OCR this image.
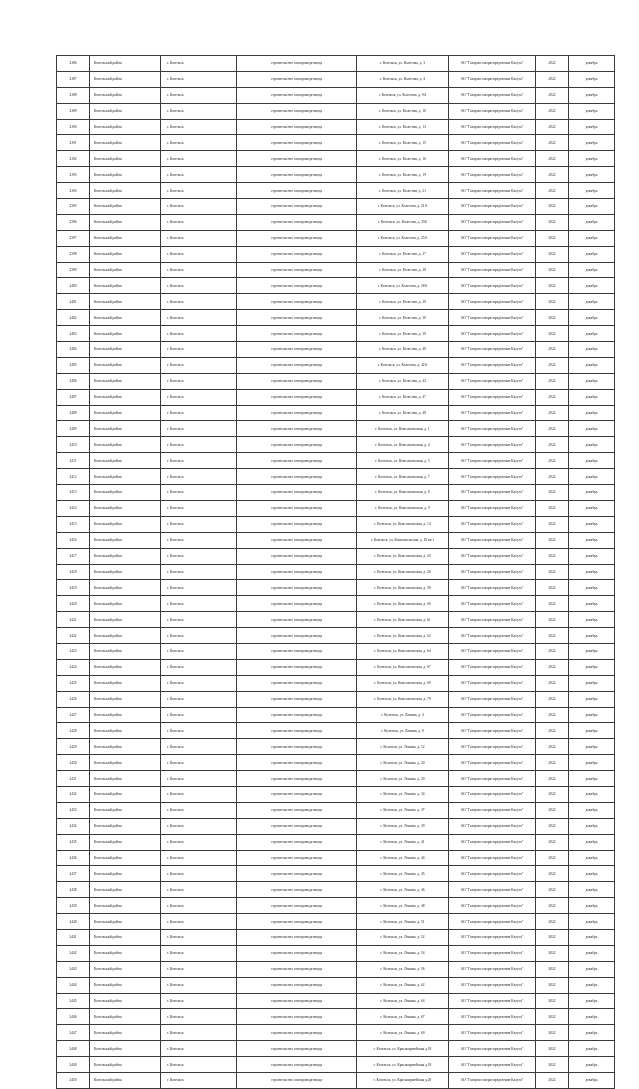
2386	Козельский район	г. Козельск	строительство газопровода-ввода	г. Козельск, ул. Колесова, д. 3	АО "Газпром газораспределение Калуга"	2022	декабрь
2387	Козельский район	г. Козельск	строительство газопровода-ввода	г. Козельск, ул. Колесова, д. 4	АО "Газпром газораспределение Калуга"	2022	декабрь
2388	Козельский район	г. Козельск	строительство газопровода-ввода	г. Козельск, ул. Колесова, д. 9А	АО "Газпром газораспределение Калуга"	2022	декабрь
2389	Козельский район	г. Козельск	строительство газопровода-ввода	г. Козельск, ул. Колесова, д. 10	АО "Газпром газораспределение Калуга"	2022	декабрь
2390	Козельский район	г. Козельск	строительство газопровода-ввода	г. Козельск, ул. Колесова, д. 13	АО "Газпром газораспределение Калуга"	2022	декабрь
2391	Козельский район	г. Козельск	строительство газопровода-ввода	г. Козельск, ул. Колесова, д. 15	АО "Газпром газораспределение Калуга"	2022	декабрь
2392	Козельский район	г. Козельск	строительство газопровода-ввода	г. Козельск, ул. Колесова, д. 16	АО "Газпром газораспределение Калуга"	2022	декабрь
2393	Козельский район	г. Козельск	строительство газопровода-ввода	г. Козельск, ул. Колесова, д. 19	АО "Газпром газораспределение Калуга"	2022	декабрь
2394	Козельский район	г. Козельск	строительство газопровода-ввода	г. Козельск, ул. Колесова, д. 21	АО "Газпром газораспределение Калуга"	2022	декабрь
2395	Козельский район	г. Козельск	строительство газопровода-ввода	г. Козельск, ул. Колесова, д. 21А	АО "Газпром газораспределение Калуга"	2022	декабрь
2396	Козельский район	г. Козельск	строительство газопровода-ввода	г. Козельск, ул. Колесова, д. 25Б	АО "Газпром газораспределение Калуга"	2022	декабрь
2397	Козельский район	г. Козельск	строительство газопровода-ввода	г. Козельск, ул. Колесова, д. 25А	АО "Газпром газораспределение Калуга"	2022	декабрь
2398	Козельский район	г. Козельск	строительство газопровода-ввода	г. Козельск, ул. Колесова, д. 27	АО "Газпром газораспределение Калуга"	2022	декабрь
2399	Козельский район	г. Козельск	строительство газопровода-ввода	г. Козельск, ул. Колесова, д. 28	АО "Газпром газораспределение Калуга"	2022	декабрь
2400	Козельский район	г. Козельск	строительство газопровода-ввода	г. Козельск, ул. Колесова, д. 28А	АО "Газпром газораспределение Калуга"	2022	декабрь
2401	Козельский район	г. Козельск	строительство газопровода-ввода	г. Козельск, ул. Колесова, д. 29	АО "Газпром газораспределение Калуга"	2022	декабрь
2402	Козельский район	г. Козельск	строительство газопровода-ввода	г. Козельск, ул. Колесова, д. 30	АО "Газпром газораспределение Калуга"	2022	декабрь
2403	Козельский район	г. Козельск	строительство газопровода-ввода	г. Козельск, ул. Колесова, д. 39	АО "Газпром газораспределение Калуга"	2022	декабрь
2404	Козельский район	г. Козельск	строительство газопровода-ввода	г. Козельск, ул. Колесова, д. 40	АО "Газпром газораспределение Калуга"	2022	декабрь
2405	Козельский район	г. Козельск	строительство газопровода-ввода	г. Козельск, ул. Колесова, д. 42А	АО "Газпром газораспределение Калуга"	2022	декабрь
2406	Козельский район	г. Козельск	строительство газопровода-ввода	г. Козельск, ул. Колесова, д. 42	АО "Газпром газораспределение Калуга"	2022	декабрь
2407	Козельский район	г. Козельск	строительство газопровода-ввода	г. Козельск, ул. Колесова, д. 47	АО "Газпром газораспределение Калуга"	2022	декабрь
2408	Козельский район	г. Козельск	строительство газопровода-ввода	г. Козельск, ул. Колесова, д. 48	АО "Газпром газораспределение Калуга"	2022	декабрь
2409	Козельский район	г. Козельск	строительство газопровода-ввода	г. Козельск, ул. Комсомольская, д. 1	АО "Газпром газораспределение Калуга"	2022	декабрь
2410	Козельский район	г. Козельск	строительство газопровода-ввода	г. Козельск, ул. Комсомольская, д. 4	АО "Газпром газораспределение Калуга"	2022	декабрь
2411	Козельский район	г. Козельск	строительство газопровода-ввода	г. Козельск, ул. Комсомольская, д. 5	АО "Газпром газораспределение Калуга"	2022	декабрь
2412	Козельский район	г. Козельск	строительство газопровода-ввода	г. Козельск, ул. Комсомольская, д. 7	АО "Газпром газораспределение Калуга"	2022	декабрь
2413	Козельский район	г. Козельск	строительство газопровода-ввода	г. Козельск, ул. Комсомольская, д. 8	АО "Газпром газораспределение Калуга"	2022	декабрь
2414	Козельский район	г. Козельск	строительство газопровода-ввода	г. Козельск, ул. Комсомольская, д. 9	АО "Газпром газораспределение Калуга"	2022	декабрь
2415	Козельский район	г. Козельск	строительство газопровода-ввода	г. Козельск, ул. Комсомольская, д. 14	АО "Газпром газораспределение Калуга"	2022	декабрь
2416	Козельский район	г. Козельск	строительство газопровода-ввода	г. Козельск, ул. Комсомольская, д. 18 кв 1	АО "Газпром газораспределение Калуга"	2022	декабрь
2417	Козельский район	г. Козельск	строительство газопровода-ввода	г. Козельск, ул. Комсомольская, д. 43	АО "Газпром газораспределение Калуга"	2022	декабрь
2418	Козельский район	г. Козельск	строительство газопровода-ввода	г. Козельск, ул. Комсомольская, д. 26	АО "Газпром газораспределение Калуга"	2022	декабрь
2419	Козельский район	г. Козельск	строительство газопровода-ввода	г. Козельск, ул. Комсомольская, д. 39	АО "Газпром газораспределение Калуга"	2022	декабрь
2420	Козельский район	г. Козельск	строительство газопровода-ввода	г. Козельск, ул. Комсомольская, д. 60	АО "Газпром газораспределение Калуга"	2022	декабрь
2421	Козельский район	г. Козельск	строительство газопровода-ввода	г. Козельск, ул. Комсомольская, д. 61	АО "Газпром газораспределение Калуга"	2022	декабрь
2422	Козельский район	г. Козельск	строительство газопровода-ввода	г. Козельск, ул. Комсомольская, д. 62	АО "Газпром газораспределение Калуга"	2022	декабрь
2423	Козельский район	г. Козельск	строительство газопровода-ввода	г. Козельск, ул. Комсомольская, д. 64	АО "Газпром газораспределение Калуга"	2022	декабрь
2424	Козельский район	г. Козельск	строительство газопровода-ввода	г. Козельск, ул. Комсомольская, д. 67	АО "Газпром газораспределение Калуга"	2022	декабрь
2425	Козельский район	г. Козельск	строительство газопровода-ввода	г. Козельск, ул. Комсомольская, д. 69	АО "Газпром газораспределение Калуга"	2022	декабрь
2426	Козельский район	г. Козельск	строительство газопровода-ввода	г. Козельск, ул. Комсомольская, д. 70	АО "Газпром газораспределение Калуга"	2022	декабрь
2427	Козельский район	г. Козельск	строительство газопровода-ввода	г. Козельск, ул. Ленина, д. 4	АО "Газпром газораспределение Калуга"	2022	декабрь
2428	Козельский район	г. Козельск	строительство газопровода-ввода	г. Козельск, ул. Ленина, д. 8	АО "Газпром газораспределение Калуга"	2022	декабрь
2429	Козельский район	г. Козельск	строительство газопровода-ввода	г. Козельск, ул. Ленина, д. 12	АО "Газпром газораспределение Калуга"	2022	декабрь
2430	Козельский район	г. Козельск	строительство газопровода-ввода	г. Козельск, ул. Ленина, д. 20	АО "Газпром газораспределение Калуга"	2022	декабрь
2431	Козельский район	г. Козельск	строительство газопровода-ввода	г. Козельск, ул. Ленина, д. 29	АО "Газпром газораспределение Калуга"	2022	декабрь
2432	Козельский район	г. Козельск	строительство газопровода-ввода	г. Козельск, ул. Ленина, д. 34	АО "Газпром газораспределение Калуга"	2022	декабрь
2433	Козельский район	г. Козельск	строительство газопровода-ввода	г. Козельск, ул. Ленина, д. 37	АО "Газпром газораспределение Калуга"	2022	декабрь
2434	Козельский район	г. Козельск	строительство газопровода-ввода	г. Козельск, ул. Ленина, д. 39	АО "Газпром газораспределение Калуга"	2022	декабрь
2435	Козельский район	г. Козельск	строительство газопровода-ввода	г. Козельск, ул. Ленина, д. 41	АО "Газпром газораспределение Калуга"	2022	декабрь
2436	Козельский район	г. Козельск	строительство газопровода-ввода	г. Козельск, ул. Ленина, д. 44	АО "Газпром газораспределение Калуга"	2022	декабрь
2437	Козельский район	г. Козельск	строительство газопровода-ввода	г. Козельск, ул. Ленина, д. 45	АО "Газпром газораспределение Калуга"	2022	декабрь
2438	Козельский район	г. Козельск	строительство газопровода-ввода	г. Козельск, ул. Ленина, д. 46	АО "Газпром газораспределение Калуга"	2022	декабрь
2439	Козельский район	г. Козельск	строительство газопровода-ввода	г. Козельск, ул. Ленина, д. 48	АО "Газпром газораспределение Калуга"	2022	декабрь
2440	Козельский район	г. Козельск	строительство газопровода-ввода	г. Козельск, ул. Ленина, д. 51	АО "Газпром газораспределение Калуга"	2022	декабрь
2441	Козельский район	г. Козельск	строительство газопровода-ввода	г. Козельск, ул. Ленина, д. 52	АО "Газпром газораспределение Калуга"	2022	декабрь
2442	Козельский район	г. Козельск	строительство газопровода-ввода	г. Козельск, ул. Ленина, д. 54	АО "Газпром газораспределение Калуга"	2022	декабрь
2443	Козельский район	г. Козельск	строительство газопровода-ввода	г. Козельск, ул. Ленина, д. 56	АО "Газпром газораспределение Калуга"	2022	декабрь
2444	Козельский район	г. Козельск	строительство газопровода-ввода	г. Козельск, ул. Ленина, д. 62	АО "Газпром газораспределение Калуга"	2022	декабрь
2445	Козельский район	г. Козельск	строительство газопровода-ввода	г. Козельск, ул. Ленина, д. 64	АО "Газпром газораспределение Калуга"	2022	декабрь
2446	Козельский район	г. Козельск	строительство газопровода-ввода	г. Козельск, ул. Ленина, д. 67	АО "Газпром газораспределение Калуга"	2022	декабрь
2447	Козельский район	г. Козельск	строительство газопровода-ввода	г. Козельск, ул. Ленина, д. 69	АО "Газпром газораспределение Калуга"	2022	декабрь
2448	Козельский район	г. Козельск	строительство газопровода-ввода	г. Козельск, ул. Красноармейская д.18	АО "Газпром газораспределение Калуга"	2022	декабрь
2449	Козельский район	г. Козельск	строительство газопровода-ввода	г. Козельск, ул. Красноармейская д.18	АО "Газпром газораспределение Калуга"	2022	декабрь
2450	Козельский район	г. Козельск	строительство газопровода-ввода	г. Козельск, ул. Красноармейская д.20	АО "Газпром газораспределение Калуга"	2022	декабрь
